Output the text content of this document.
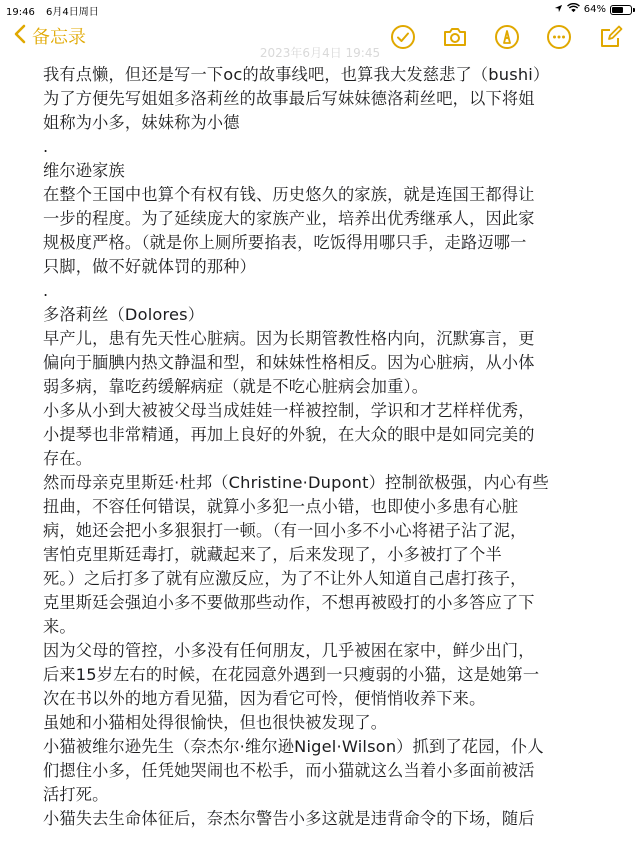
19:46 6月4日周日	64%
备忘录
2023年6月4日 19:45

我有点懒，但还是写一下oc的故事线吧，也算我大发慈悲了（bushi）

为了方便先写姐姐多洛莉丝的故事最后写妹妹德洛莉丝吧，以下将姐

姐称为小多，妹妹称为小德

.

维尔逊家族

在整个王国中也算个有权有钱、历史悠久的家族，就是连国王都得让

一步的程度。为了延续庞大的家族产业，培养出优秀继承人，因此家

规极度严格。（就是你上厕所要掐表，吃饭得用哪只手，走路迈哪一

只脚，做不好就体罚的那种）

.

多洛莉丝（Dolores）

早产儿，患有先天性心脏病。因为长期管教性格内向，沉默寡言，更

偏向于腼腆内热文静温和型，和妹妹性格相反。因为心脏病，从小体

弱多病，靠吃药缓解病症（就是不吃心脏病会加重）。

小多从小到大被被父母当成娃娃一样被控制，学识和才艺样样优秀，

小提琴也非常精通，再加上良好的外貌，在大众的眼中是如同完美的

存在。

然而母亲克里斯廷·杜邦（Christine·Dupont）控制欲极强，内心有些

扭曲，不容任何错误，就算小多犯一点小错，也即使小多患有心脏

病，她还会把小多狠狠打一顿。（有一回小多不小心将裙子沾了泥，

害怕克里斯廷毒打，就藏起来了，后来发现了，小多被打了个半

死。）之后打多了就有应激反应，为了不让外人知道自己虐打孩子，

克里斯廷会强迫小多不要做那些动作，不想再被殴打的小多答应了下

来。

因为父母的管控，小多没有任何朋友，几乎被困在家中，鲜少出门，

后来15岁左右的时候，在花园意外遇到一只瘦弱的小猫，这是她第一

次在书以外的地方看见猫，因为看它可怜，便悄悄收养下来。

虽她和小猫相处得很愉快，但也很快被发现了。

小猫被维尔逊先生（奈杰尔·维尔逊Nigel·Wilson）抓到了花园，仆人

们摁住小多，任凭她哭闹也不松手，而小猫就这么当着小多面前被活

活打死。

小猫失去生命体征后，奈杰尔警告小多这就是违背命令的下场，随后
